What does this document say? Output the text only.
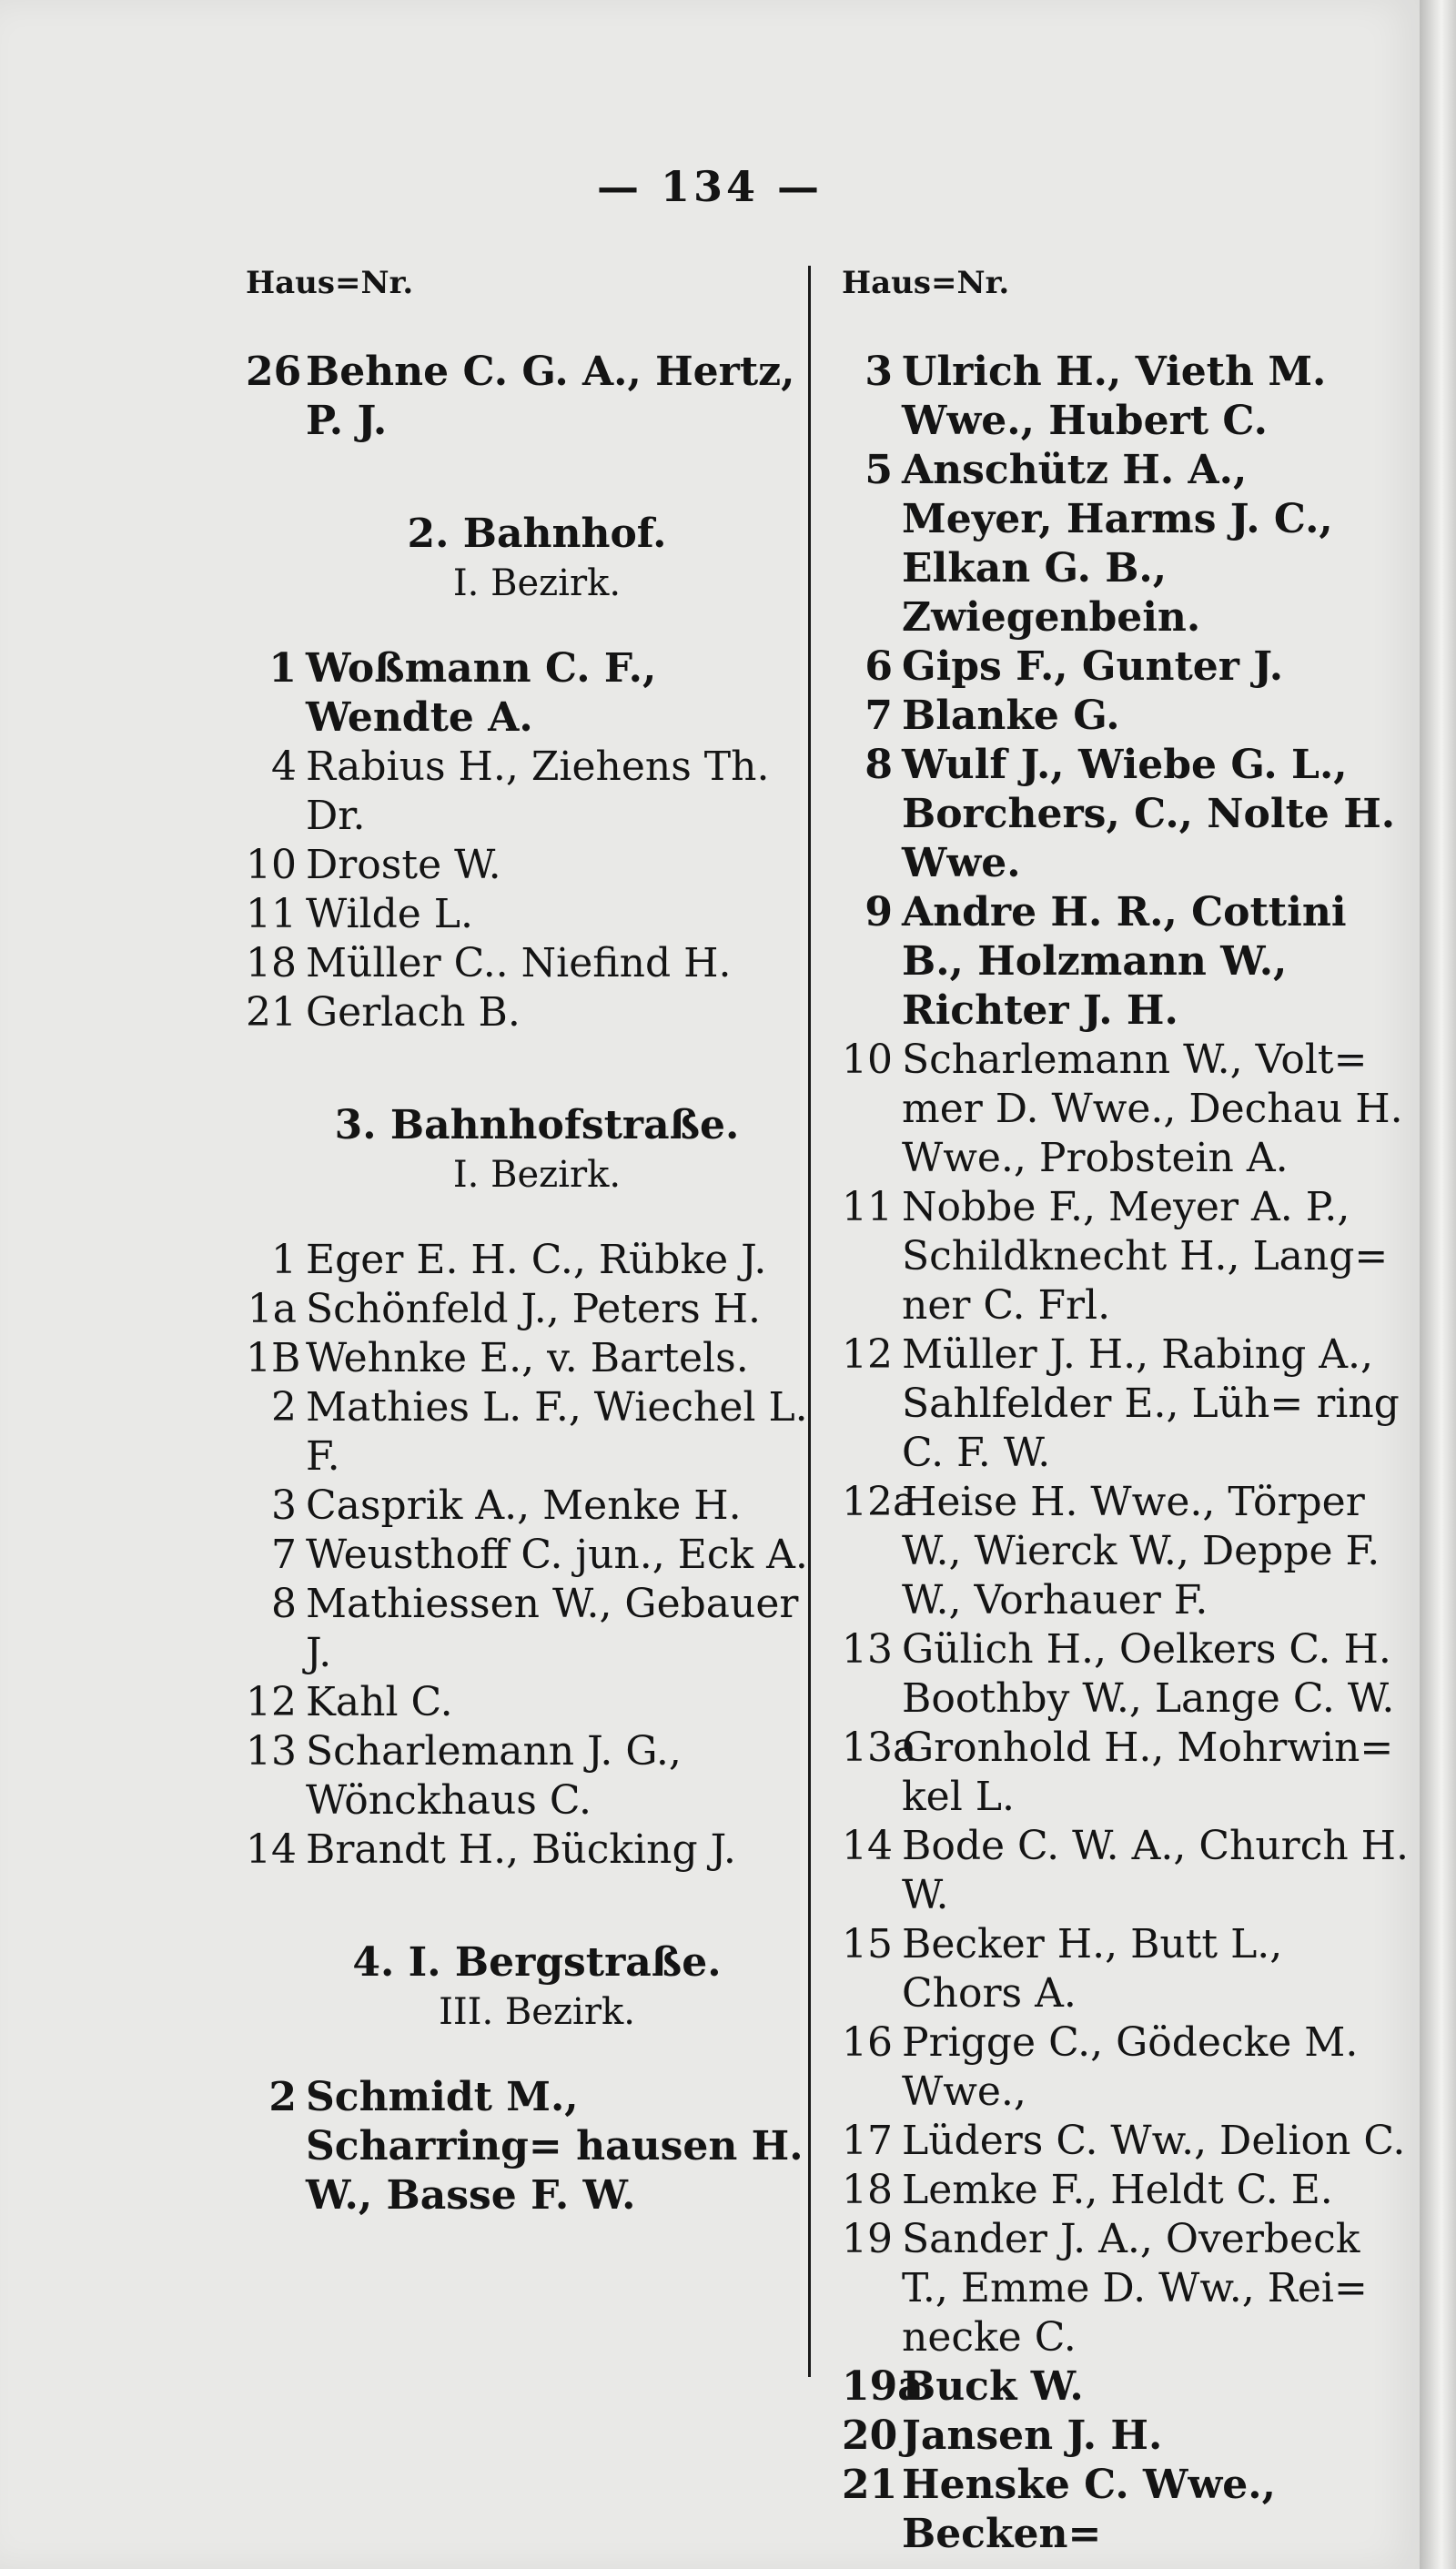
— 134 —
Haus=Nr.
26 Behne C. G. A., Hertz, P. J.
2. Bahnhof.
I. Bezirk.
1 Woßmann C. F., Wendte A.
4 Rabius H., Ziehens Th. Dr.
10 Droste W.
11 Wilde L.
18 Müller C.. Niefind H.
21 Gerlach B.
3. Bahnhofstraße.
I. Bezirk.
1 Eger E. H. C., Rübke J.
1a Schönfeld J., Peters H.
1B Wehnke E., v. Bartels.
2 Mathies L. F., Wiechel L. F.
3 Casprik A., Menke H.
7 Weusthoff C. jun., Eck A.
8 Mathiessen W., Gebauer J.
12 Kahl C.
13 Scharlemann J. G., Wönckhaus C.
14 Brandt H., Bücking J.
4. I. Bergstraße.
III. Bezirk.
2 Schmidt M., Scharring= hausen H. W., Basse F. W.
Haus=Nr.
3 Ulrich H., Vieth M. Wwe., Hubert C.
5 Anschütz H. A., Meyer, Harms J. C., Elkan G. B., Zwiegenbein.
6 Gips F., Gunter J.
7 Blanke G.
8 Wulf J., Wiebe G. L., Borchers, C., Nolte H. Wwe.
9 Andre H. R., Cottini B., Holzmann W., Richter J. H.
10 Scharlemann W., Volt= mer D. Wwe., Dechau H. Wwe., Probstein A.
11 Nobbe F., Meyer A. P., Schildknecht H., Lang= ner C. Frl.
12 Müller J. H., Rabing A., Sahlfelder E., Lüh= ring C. F. W.
12a
Heise H. Wwe., Törper W., Wierck W., Deppe F. W., Vorhauer F.
13 Gülich H., Oelkers C. H. Boothby W., Lange C. W.
13a
Gronhold H., Mohrwin= kel L.
14 Bode C. W. A., Church H. W.
15 Becker H., Butt L., Chors A.
16 Prigge C., Gödecke M. Wwe.,
17 Lüders C. Ww., Delion C.
18 Lemke F., Heldt C. E.
19 Sander J. A., Overbeck T., Emme D. Ww., Rei= necke C.
19a
Buck W.
20 Jansen J. H.
21 Henske C. Wwe., Becken=
